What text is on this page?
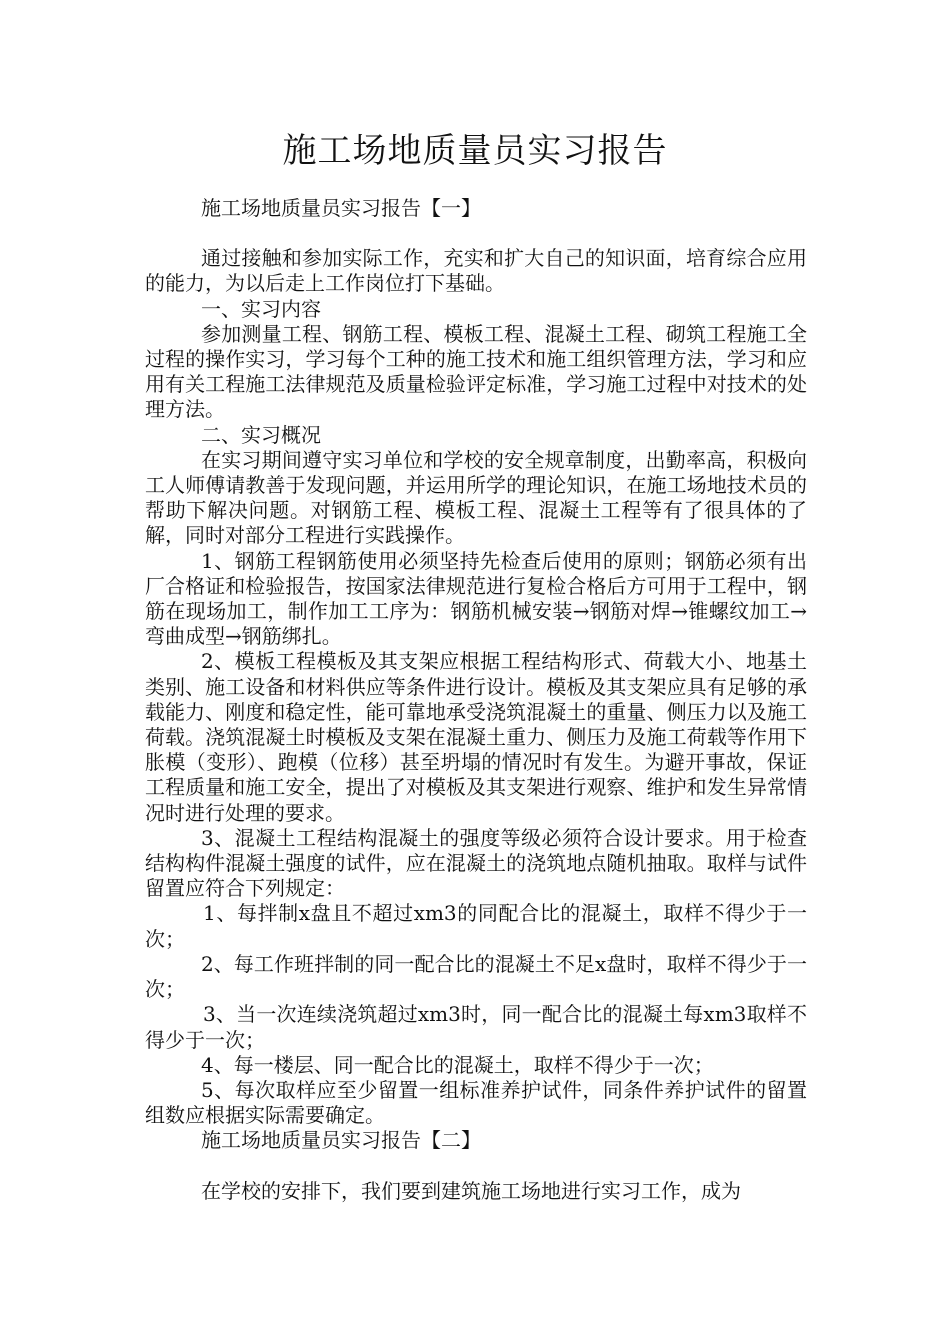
施工场地质量员实习报告

施工场地质量员实习报告【一】

通过接触和参加实际工作，充实和扩大自己的知识面，培育综合应用的能力，为以后走上工作岗位打下基础。

一、实习内容

参加测量工程、钢筋工程、模板工程、混凝土工程、砌筑工程施工全过程的操作实习，学习每个工种的施工技术和施工组织管理方法，学习和应用有关工程施工法律规范及质量检验评定标准，学习施工过程中对技术的处理方法。

二、实习概况

在实习期间遵守实习单位和学校的安全规章制度，出勤率高，积极向工人师傅请教善于发现问题，并运用所学的理论知识，在施工场地技术员的帮助下解决问题。对钢筋工程、模板工程、混凝土工程等有了很具体的了解，同时对部分工程进行实践操作。

1、钢筋工程钢筋使用必须坚持先检查后使用的原则；钢筋必须有出厂合格证和检验报告，按国家法律规范进行复检合格后方可用于工程中，钢筋在现场加工，制作加工工序为：钢筋机械安装→钢筋对焊→锥螺纹加工→弯曲成型→钢筋绑扎。

2、模板工程模板及其支架应根据工程结构形式、荷载大小、地基土类别、施工设备和材料供应等条件进行设计。模板及其支架应具有足够的承载能力、刚度和稳定性，能可靠地承受浇筑混凝土的重量、侧压力以及施工荷载。浇筑混凝土时模板及支架在混凝土重力、侧压力及施工荷载等作用下胀模（变形）、跑模（位移）甚至坍塌的情况时有发生。为避开事故，保证工程质量和施工安全，提出了对模板及其支架进行观察、维护和发生异常情况时进行处理的要求。

3、混凝土工程结构混凝土的强度等级必须符合设计要求。用于检查结构构件混凝土强度的试件，应在混凝土的浇筑地点随机抽取。取样与试件留置应符合下列规定：

1、每拌制x盘且不超过xm3的同配合比的混凝土，取样不得少于一次；

2、每工作班拌制的同一配合比的混凝土不足x盘时，取样不得少于一次；

3、当一次连续浇筑超过xm3时，同一配合比的混凝土每xm3取样不得少于一次；

4、每一楼层、同一配合比的混凝土，取样不得少于一次；

5、每次取样应至少留置一组标准养护试件，同条件养护试件的留置组数应根据实际需要确定。

施工场地质量员实习报告【二】

在学校的安排下，我们要到建筑施工场地进行实习工作，成为
